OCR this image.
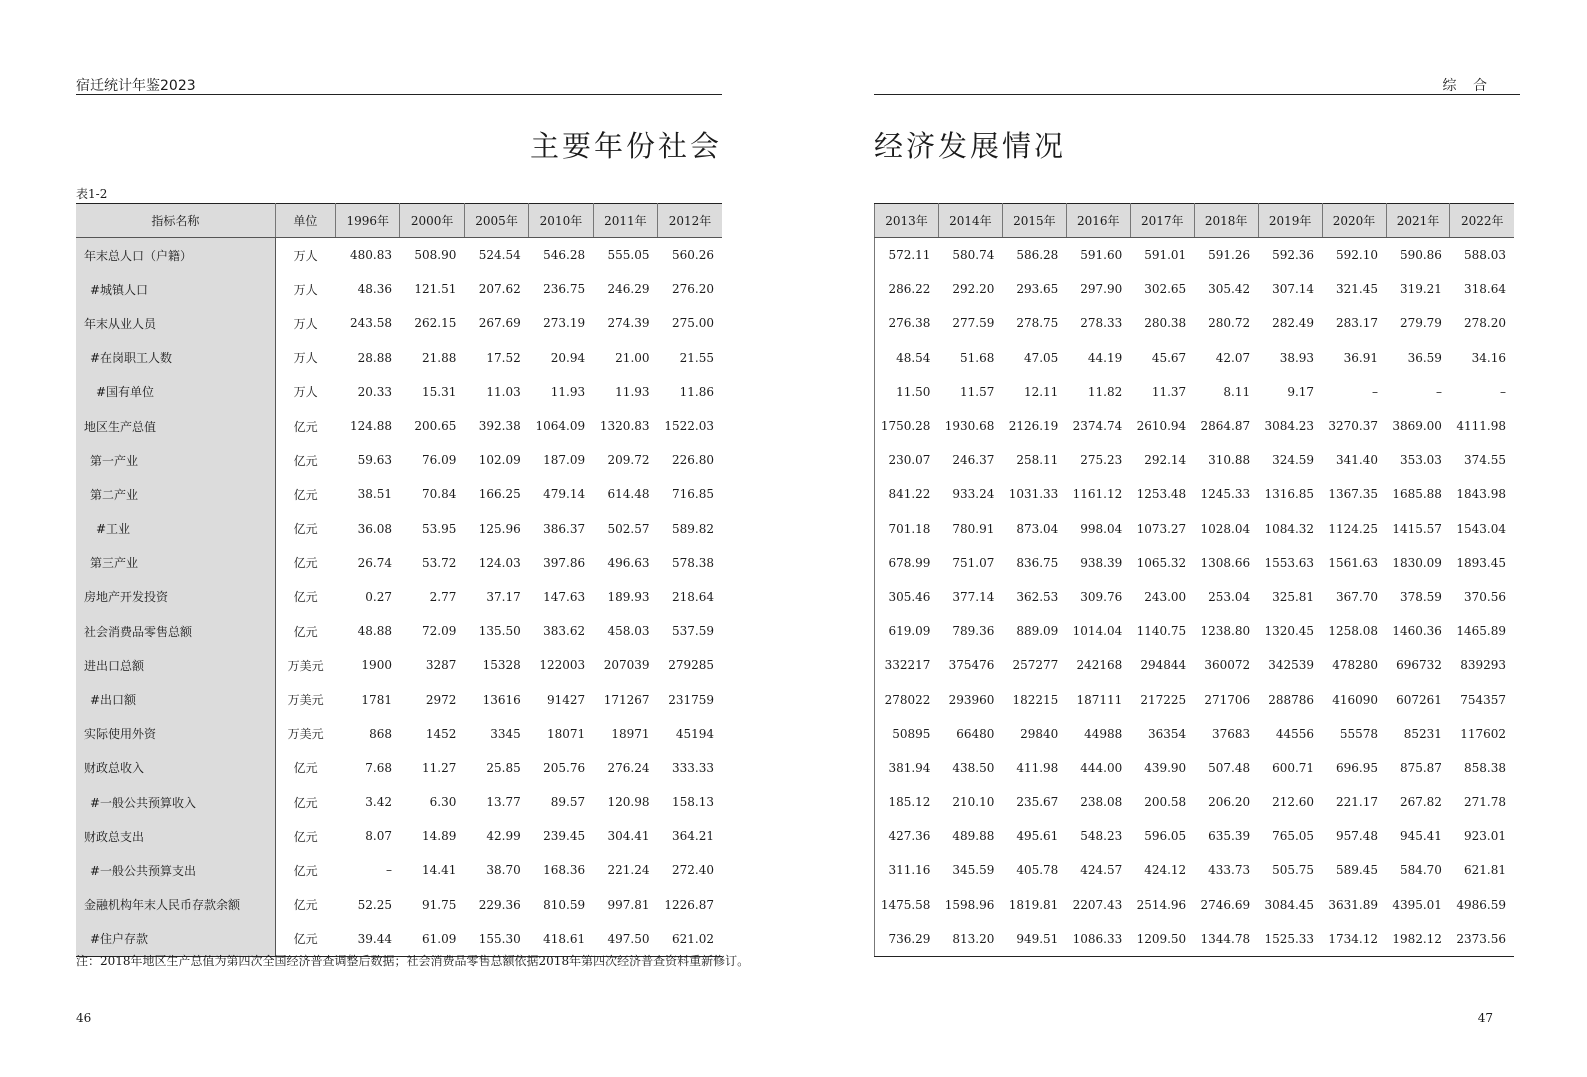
宿迁统计年鉴2023	综 合
主要年份社会	经济发展情况
表1-2
指标名称	单位	1996年	2000年	2005年	2010年	2011年	2012年
年末总人口（户籍）	万人	480.83	508.90	524.54	546.28	555.05	560.26
#城镇人口	万人	48.36	121.51	207.62	236.75	246.29	276.20
年末从业人员	万人	243.58	262.15	267.69	273.19	274.39	275.00
#在岗职工人数	万人	28.88	21.88	17.52	20.94	21.00	21.55
#国有单位	万人	20.33	15.31	11.03	11.93	11.93	11.86
地区生产总值	亿元	124.88	200.65	392.38	1064.09	1320.83	1522.03
第一产业	亿元	59.63	76.09	102.09	187.09	209.72	226.80
第二产业	亿元	38.51	70.84	166.25	479.14	614.48	716.85
#工业	亿元	36.08	53.95	125.96	386.37	502.57	589.82
第三产业	亿元	26.74	53.72	124.03	397.86	496.63	578.38
房地产开发投资	亿元	0.27	2.77	37.17	147.63	189.93	218.64
社会消费品零售总额	亿元	48.88	72.09	135.50	383.62	458.03	537.59
进出口总额	万美元	1900	3287	15328	122003	207039	279285
#出口额	万美元	1781	2972	13616	91427	171267	231759
实际使用外资	万美元	868	1452	3345	18071	18971	45194
财政总收入	亿元	7.68	11.27	25.85	205.76	276.24	333.33
#一般公共预算收入	亿元	3.42	6.30	13.77	89.57	120.98	158.13
财政总支出	亿元	8.07	14.89	42.99	239.45	304.41	364.21
#一般公共预算支出	亿元	–	14.41	38.70	168.36	221.24	272.40
金融机构年末人民币存款余额	亿元	52.25	91.75	229.36	810.59	997.81	1226.87
#住户存款	亿元	39.44	61.09	155.30	418.61	497.50	621.02
2013年	2014年	2015年	2016年	2017年	2018年	2019年	2020年	2021年	2022年
572.11	580.74	586.28	591.60	591.01	591.26	592.36	592.10	590.86	588.03
286.22	292.20	293.65	297.90	302.65	305.42	307.14	321.45	319.21	318.64
276.38	277.59	278.75	278.33	280.38	280.72	282.49	283.17	279.79	278.20
48.54	51.68	47.05	44.19	45.67	42.07	38.93	36.91	36.59	34.16
11.50	11.57	12.11	11.82	11.37	8.11	9.17	–	–	–
1750.28	1930.68	2126.19	2374.74	2610.94	2864.87	3084.23	3270.37	3869.00	4111.98
230.07	246.37	258.11	275.23	292.14	310.88	324.59	341.40	353.03	374.55
841.22	933.24	1031.33	1161.12	1253.48	1245.33	1316.85	1367.35	1685.88	1843.98
701.18	780.91	873.04	998.04	1073.27	1028.04	1084.32	1124.25	1415.57	1543.04
678.99	751.07	836.75	938.39	1065.32	1308.66	1553.63	1561.63	1830.09	1893.45
305.46	377.14	362.53	309.76	243.00	253.04	325.81	367.70	378.59	370.56
619.09	789.36	889.09	1014.04	1140.75	1238.80	1320.45	1258.08	1460.36	1465.89
332217	375476	257277	242168	294844	360072	342539	478280	696732	839293
278022	293960	182215	187111	217225	271706	288786	416090	607261	754357
50895	66480	29840	44988	36354	37683	44556	55578	85231	117602
381.94	438.50	411.98	444.00	439.90	507.48	600.71	696.95	875.87	858.38
185.12	210.10	235.67	238.08	200.58	206.20	212.60	221.17	267.82	271.78
427.36	489.88	495.61	548.23	596.05	635.39	765.05	957.48	945.41	923.01
311.16	345.59	405.78	424.57	424.12	433.73	505.75	589.45	584.70	621.81
1475.58	1598.96	1819.81	2207.43	2514.96	2746.69	3084.45	3631.89	4395.01	4986.59
736.29	813.20	949.51	1086.33	1209.50	1344.78	1525.33	1734.12	1982.12	2373.56
注：2018年地区生产总值为第四次全国经济普查调整后数据；社会消费品零售总额依据2018年第四次经济普查资料重新修订。
46	47
